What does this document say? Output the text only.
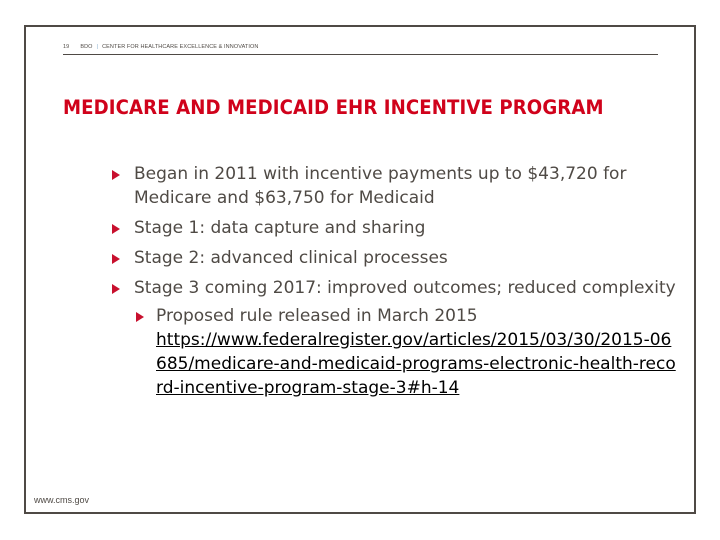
19 BDO | CENTER FOR HEALTHCARE EXCELLENCE & INNOVATION
MEDICARE AND MEDICAID EHR INCENTIVE PROGRAM
Began in 2011 with incentive payments up to $43,720 for Medicare and $63,750 for Medicaid
Stage 1: data capture and sharing
Stage 2: advanced clinical processes
Stage 3 coming 2017: improved outcomes; reduced complexity
Proposed rule released in March 2015
https://www.federalregister.gov/articles/2015/03/30/2015-06685/medicare-and-medicaid-programs-electronic-health-record-incentive-program-stage-3#h-14
www.cms.gov
